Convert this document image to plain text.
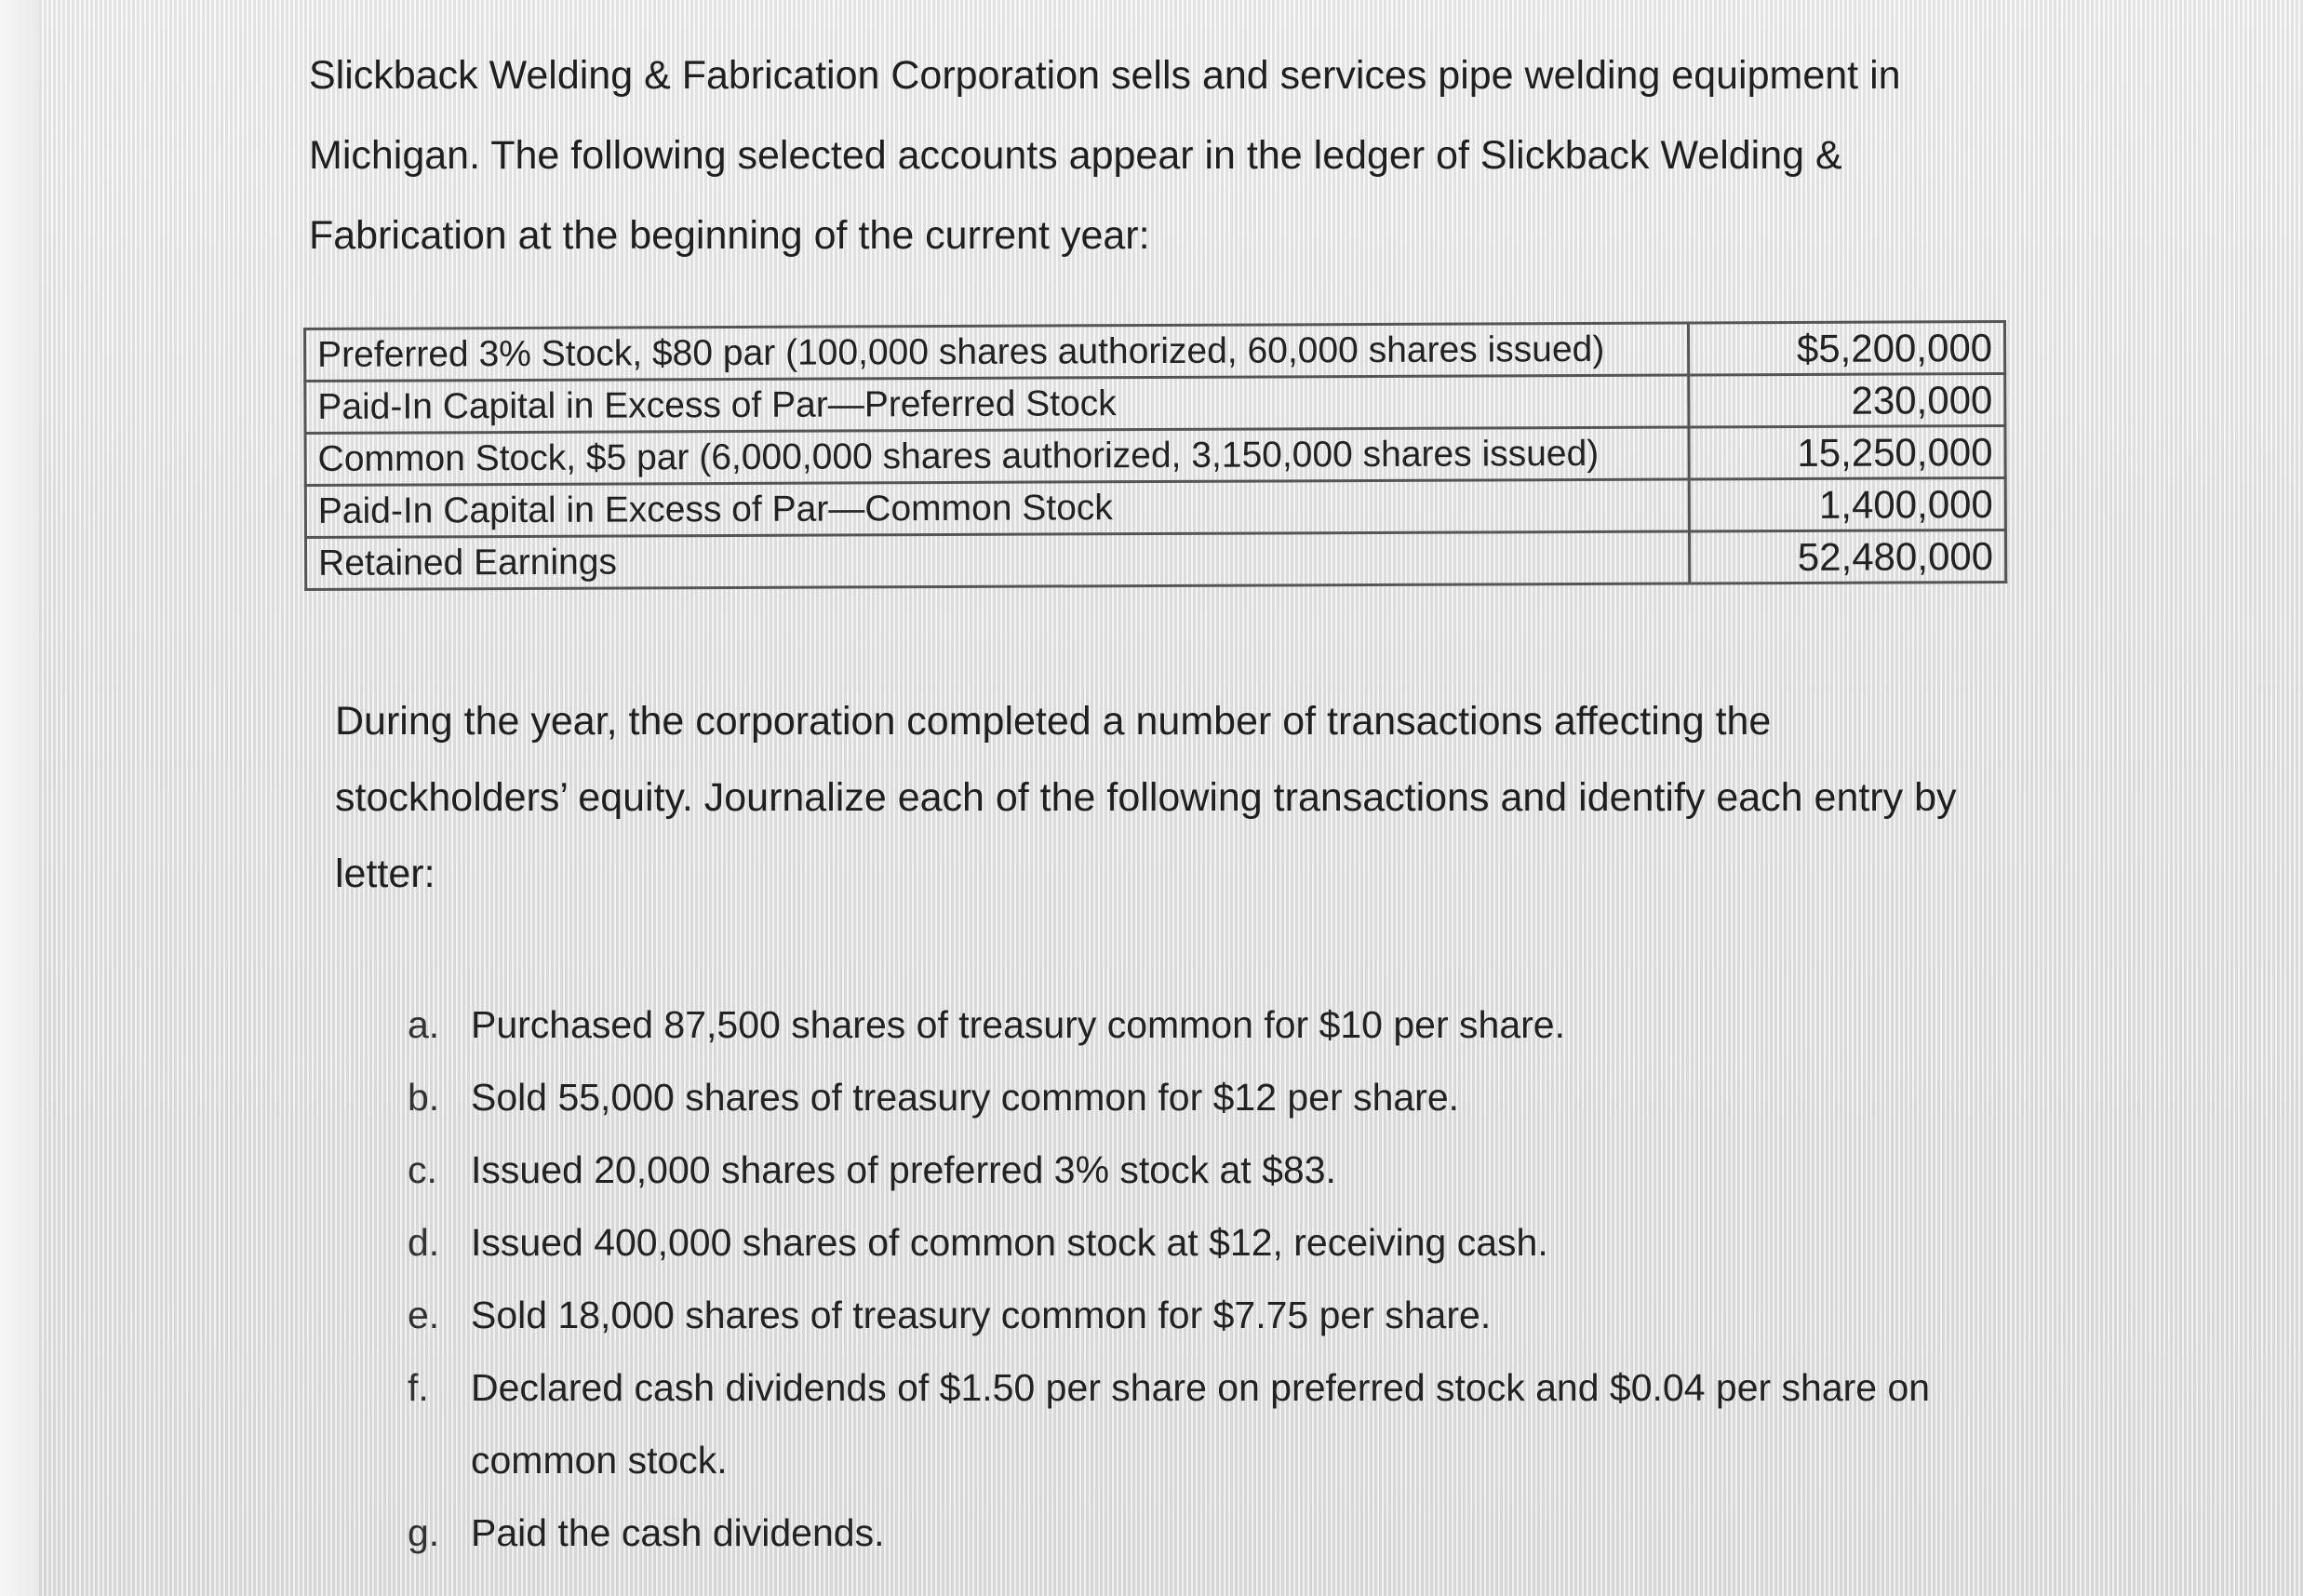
Slickback Welding & Fabrication Corporation sells and services pipe welding equipment in
Michigan. The following selected accounts appear in the ledger of Slickback Welding &
Fabrication at the beginning of the current year:
Preferred 3% Stock, $80 par (100,000 shares authorized, 60,000 shares issued)	$5,200,000
Paid-In Capital in Excess of Par—Preferred Stock	230,000
Common Stock, $5 par (6,000,000 shares authorized, 3,150,000 shares issued)	15,250,000
Paid-In Capital in Excess of Par—Common Stock	1,400,000
Retained Earnings	52,480,000
During the year, the corporation completed a number of transactions affecting the
stockholders’ equity. Journalize each of the following transactions and identify each entry by
letter:
a. Purchased 87,500 shares of treasury common for $10 per share.
b. Sold 55,000 shares of treasury common for $12 per share.
c. Issued 20,000 shares of preferred 3% stock at $83.
d. Issued 400,000 shares of common stock at $12, receiving cash.
e. Sold 18,000 shares of treasury common for $7.75 per share.
f.	Declared cash dividends of $1.50 per share on preferred stock and $0.04 per share on
common stock.
g. Paid the cash dividends.
